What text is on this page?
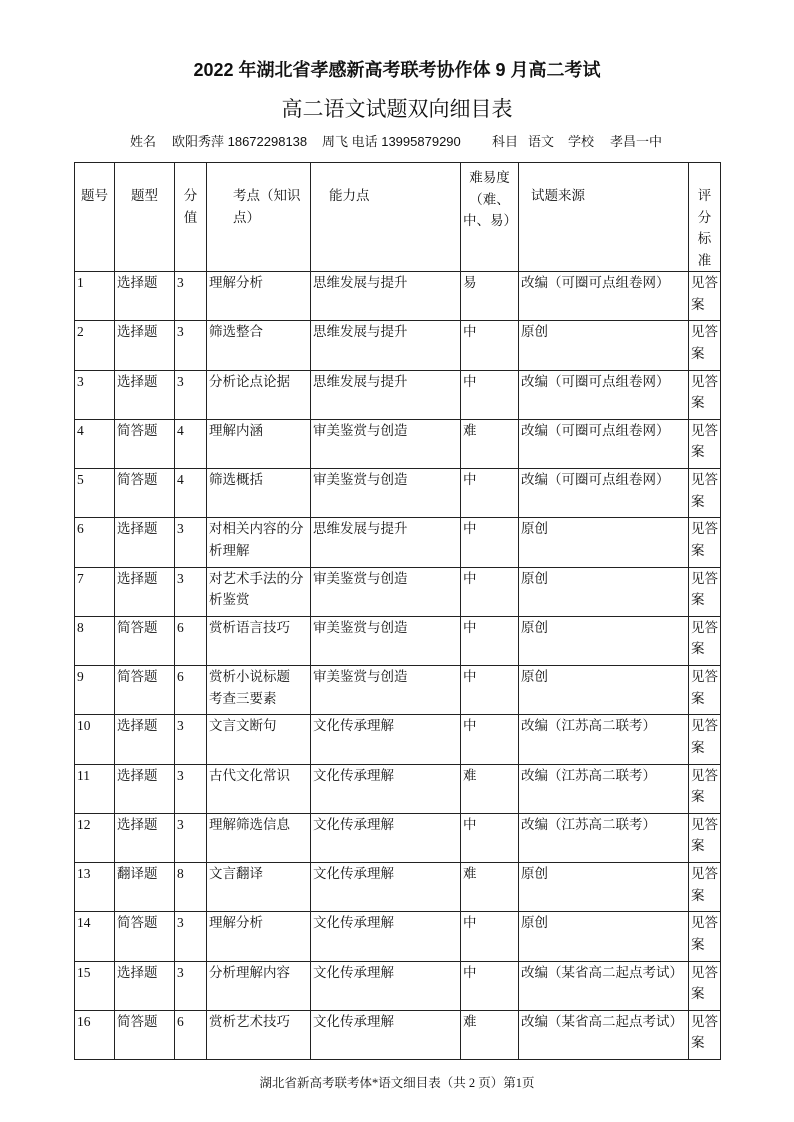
2022 年湖北省孝感新高考联考协作体 9 月高二考试
高二语文试题双向细目表
姓名 欧阳秀萍 18672298138 周飞 电话 13995879290 科目 语文 学校 孝昌一中
题号	题型	分值	考点（知识点）	能力点	难易度（难、中、易）	试题来源	评分标准
1	选择题	3	理解分析	思维发展与提升	易	改编（可圈可点组卷网）	见答案
2	选择题	3	筛选整合	思维发展与提升	中	原创	见答案
3	选择题	3	分析论点论据	思维发展与提升	中	改编（可圈可点组卷网）	见答案
4	简答题	4	理解内涵	审美鉴赏与创造	难	改编（可圈可点组卷网）	见答案
5	简答题	4	筛选概括	审美鉴赏与创造	中	改编（可圈可点组卷网）	见答案
6	选择题	3	对相关内容的分析理解	思维发展与提升	中	原创	见答案
7	选择题	3	对艺术手法的分析鉴赏	审美鉴赏与创造	中	原创	见答案
8	简答题	6	赏析语言技巧	审美鉴赏与创造	中	原创	见答案
9	简答题	6	赏析小说标题考查三要素	审美鉴赏与创造	中	原创	见答案
10	选择题	3	文言文断句	文化传承理解	中	改编（江苏高二联考）	见答案
11	选择题	3	古代文化常识	文化传承理解	难	改编（江苏高二联考）	见答案
12	选择题	3	理解筛选信息	文化传承理解	中	改编（江苏高二联考）	见答案
13	翻译题	8	文言翻译	文化传承理解	难	原创	见答案
14	简答题	3	理解分析	文化传承理解	中	原创	见答案
15	选择题	3	分析理解内容	文化传承理解	中	改编（某省高二起点考试）	见答案
16	简答题	6	赏析艺术技巧	文化传承理解	难	改编（某省高二起点考试）	见答案
湖北省新高考联考体*语文细目表（共 2 页）第1页
